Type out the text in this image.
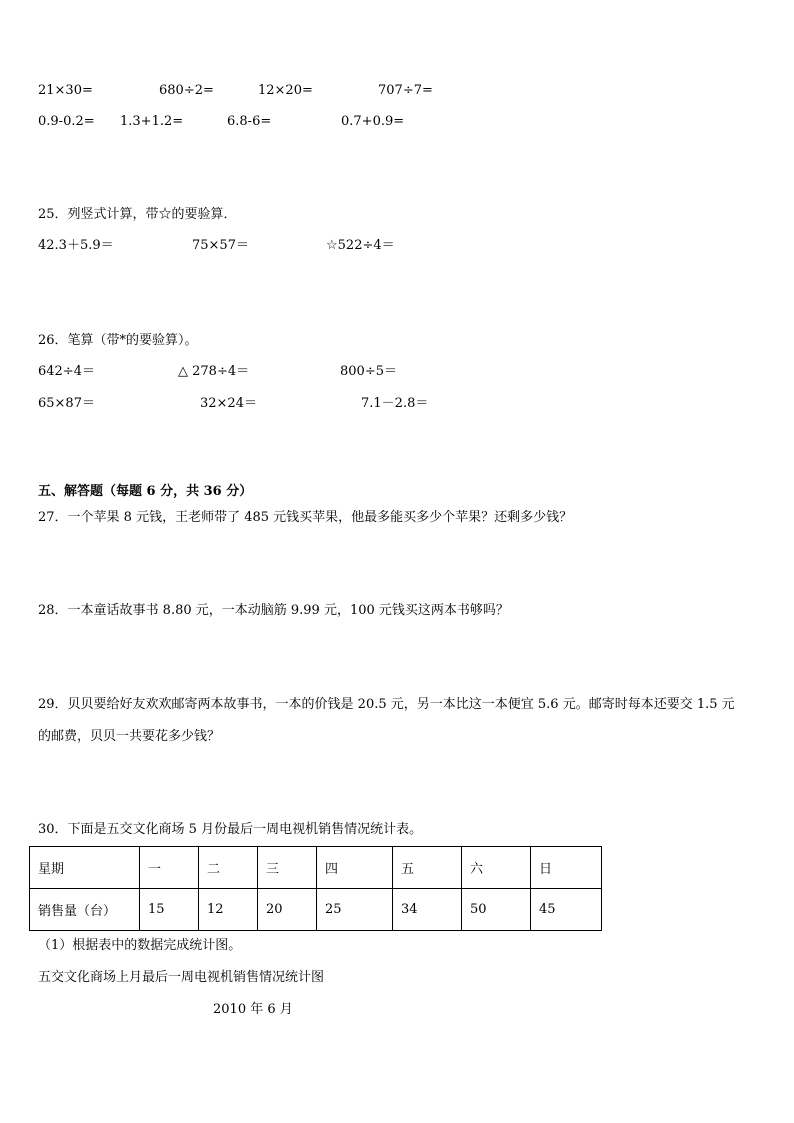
21×30=	680÷2=	12×20=	707÷7=
0.9-0.2= 1.3+1.2=	6.8-6=	0.7+0.9=
25．列竖式计算，带☆的要验算．
42.3＋5.9＝	75×57＝	☆522÷4＝
26．笔算（带*的要验算）。
642÷4＝	△ 278÷4＝	800÷5＝
65×87＝	32×24＝	7.1－2.8＝
五、解答题（每题 6 分，共 36 分）
27．一个苹果 8 元钱，王老师带了 485 元钱买苹果，他最多能买多少个苹果？还剩多少钱？
28．一本童话故事书 8.80 元，一本动脑筋 9.99 元，100 元钱买这两本书够吗？
29．贝贝要给好友欢欢邮寄两本故事书，一本的价钱是 20.5 元，另一本比这一本便宜 5.6 元。邮寄时每本还要交 1.5 元
的邮费，贝贝一共要花多少钱？
30．下面是五交文化商场 5 月份最后一周电视机销售情况统计表。
星期	一	二	三	四	五	六	日
销售量（台）	15	12	20	25	34	50	45
（1）根据表中的数据完成统计图。
五交文化商场上月最后一周电视机销售情况统计图
2010 年 6 月
